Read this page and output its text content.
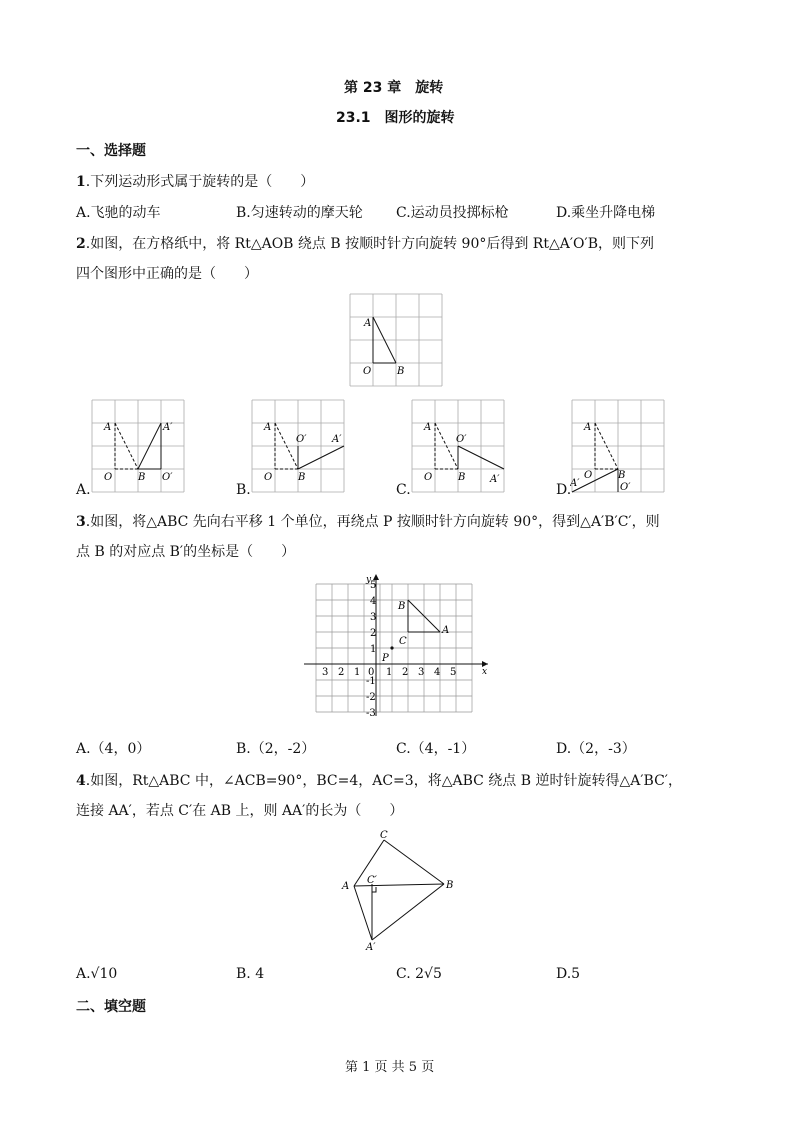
第 23 章　旋转
23.1　图形的旋转
一、选择题
1.下列运动形式属于旋转的是（　　）
A.飞驰的动车	B.匀速转动的摩天轮 C.运动员投掷标枪	D.乘坐升降电梯
2.如图，在方格纸中，将 Rt△AOB 绕点 B 按顺时针方向旋转 90°后得到 Rt△A′O′B，则下列
四个图形中正确的是（　　）
A
O	B
A	A′
O	B O′
A.
A
O′	A′
O	B
B.
A
O′
O	B A′
C.
A
O	B
A′	O′
D.
3.如图，将△ABC 先向右平移 1 个单位，再绕点 P 按顺时针方向旋转 90°，得到△A′B′C′，则
点 B 的对应点 B′的坐标是（　　）
x
y
3 2 1 0 1 2 3 4 5
5
4
3
2
1
-1
-2
-3
B
A
C
P
A.（4，0）	B.（2，-2）	C.（4，-1）	D.（2，-3）
4.如图，Rt△ABC 中，∠ACB=90°，BC=4，AC=3，将△ABC 绕点 B 逆时针旋转得△A′BC′，
连接 AA′，若点 C′在 AB 上，则 AA′的长为（　　）
C
A	B
C′
A′
A.√10	B. 4	C. 2√5	D.5
二、填空题
第 1 页 共 5 页
